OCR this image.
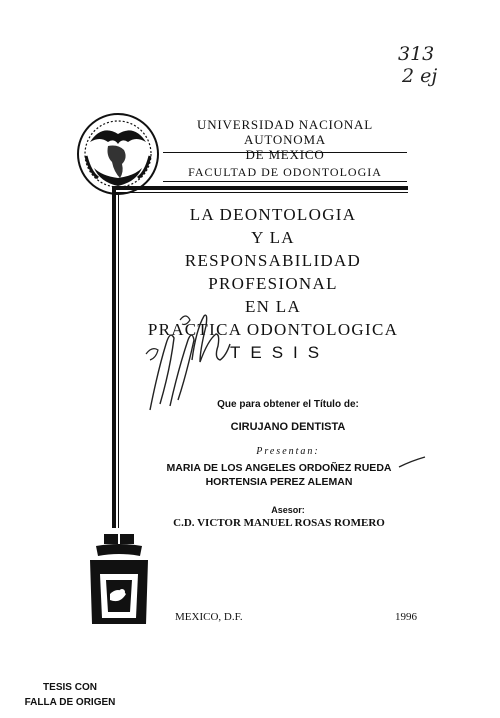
313
2 ej
UNIVERSIDAD NACIONAL AUTONOMA
DE MEXICO
FACULTAD DE ODONTOLOGIA
LA DEONTOLOGIA
Y LA
RESPONSABILIDAD PROFESIONAL
EN LA
PRACTICA ODONTOLOGICA
TESIS
Que para obtener el Título de:
CIRUJANO DENTISTA
Presentan:
MARIA DE LOS ANGELES ORDOÑEZ RUEDA
HORTENSIA PEREZ ALEMAN
Asesor:
C.D. VICTOR MANUEL ROSAS ROMERO
MEXICO, D.F.	1996
TESIS CON
FALLA DE ORIGEN
